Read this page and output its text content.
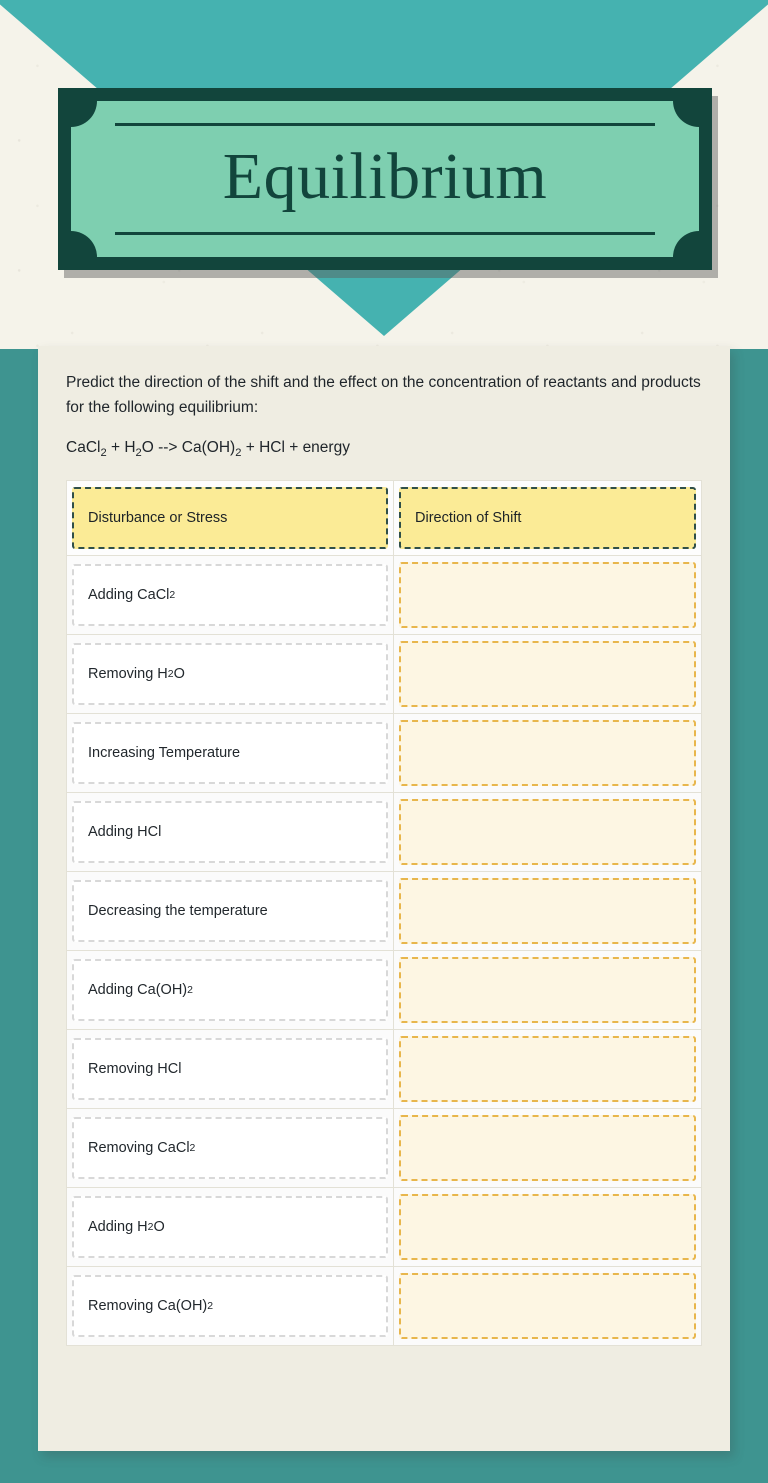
Equilibrium
Predict the direction of the shift and the effect on the concentration of reactants and products for the following equilibrium:
CaCl$_2$ + $H_2O$ --> $Ca(OH)_2$ + HCl + energy
Disturbance or Stress	Direction of Shift

Adding CaCl 2	

Removing H 2 O	

Increasing Temperature	

Adding HCl	

Decreasing the temperature	

Adding Ca(OH) 2	

Removing HCl	

Removing CaCl 2	

Adding H 2 O	

Removing Ca(OH) 2	
